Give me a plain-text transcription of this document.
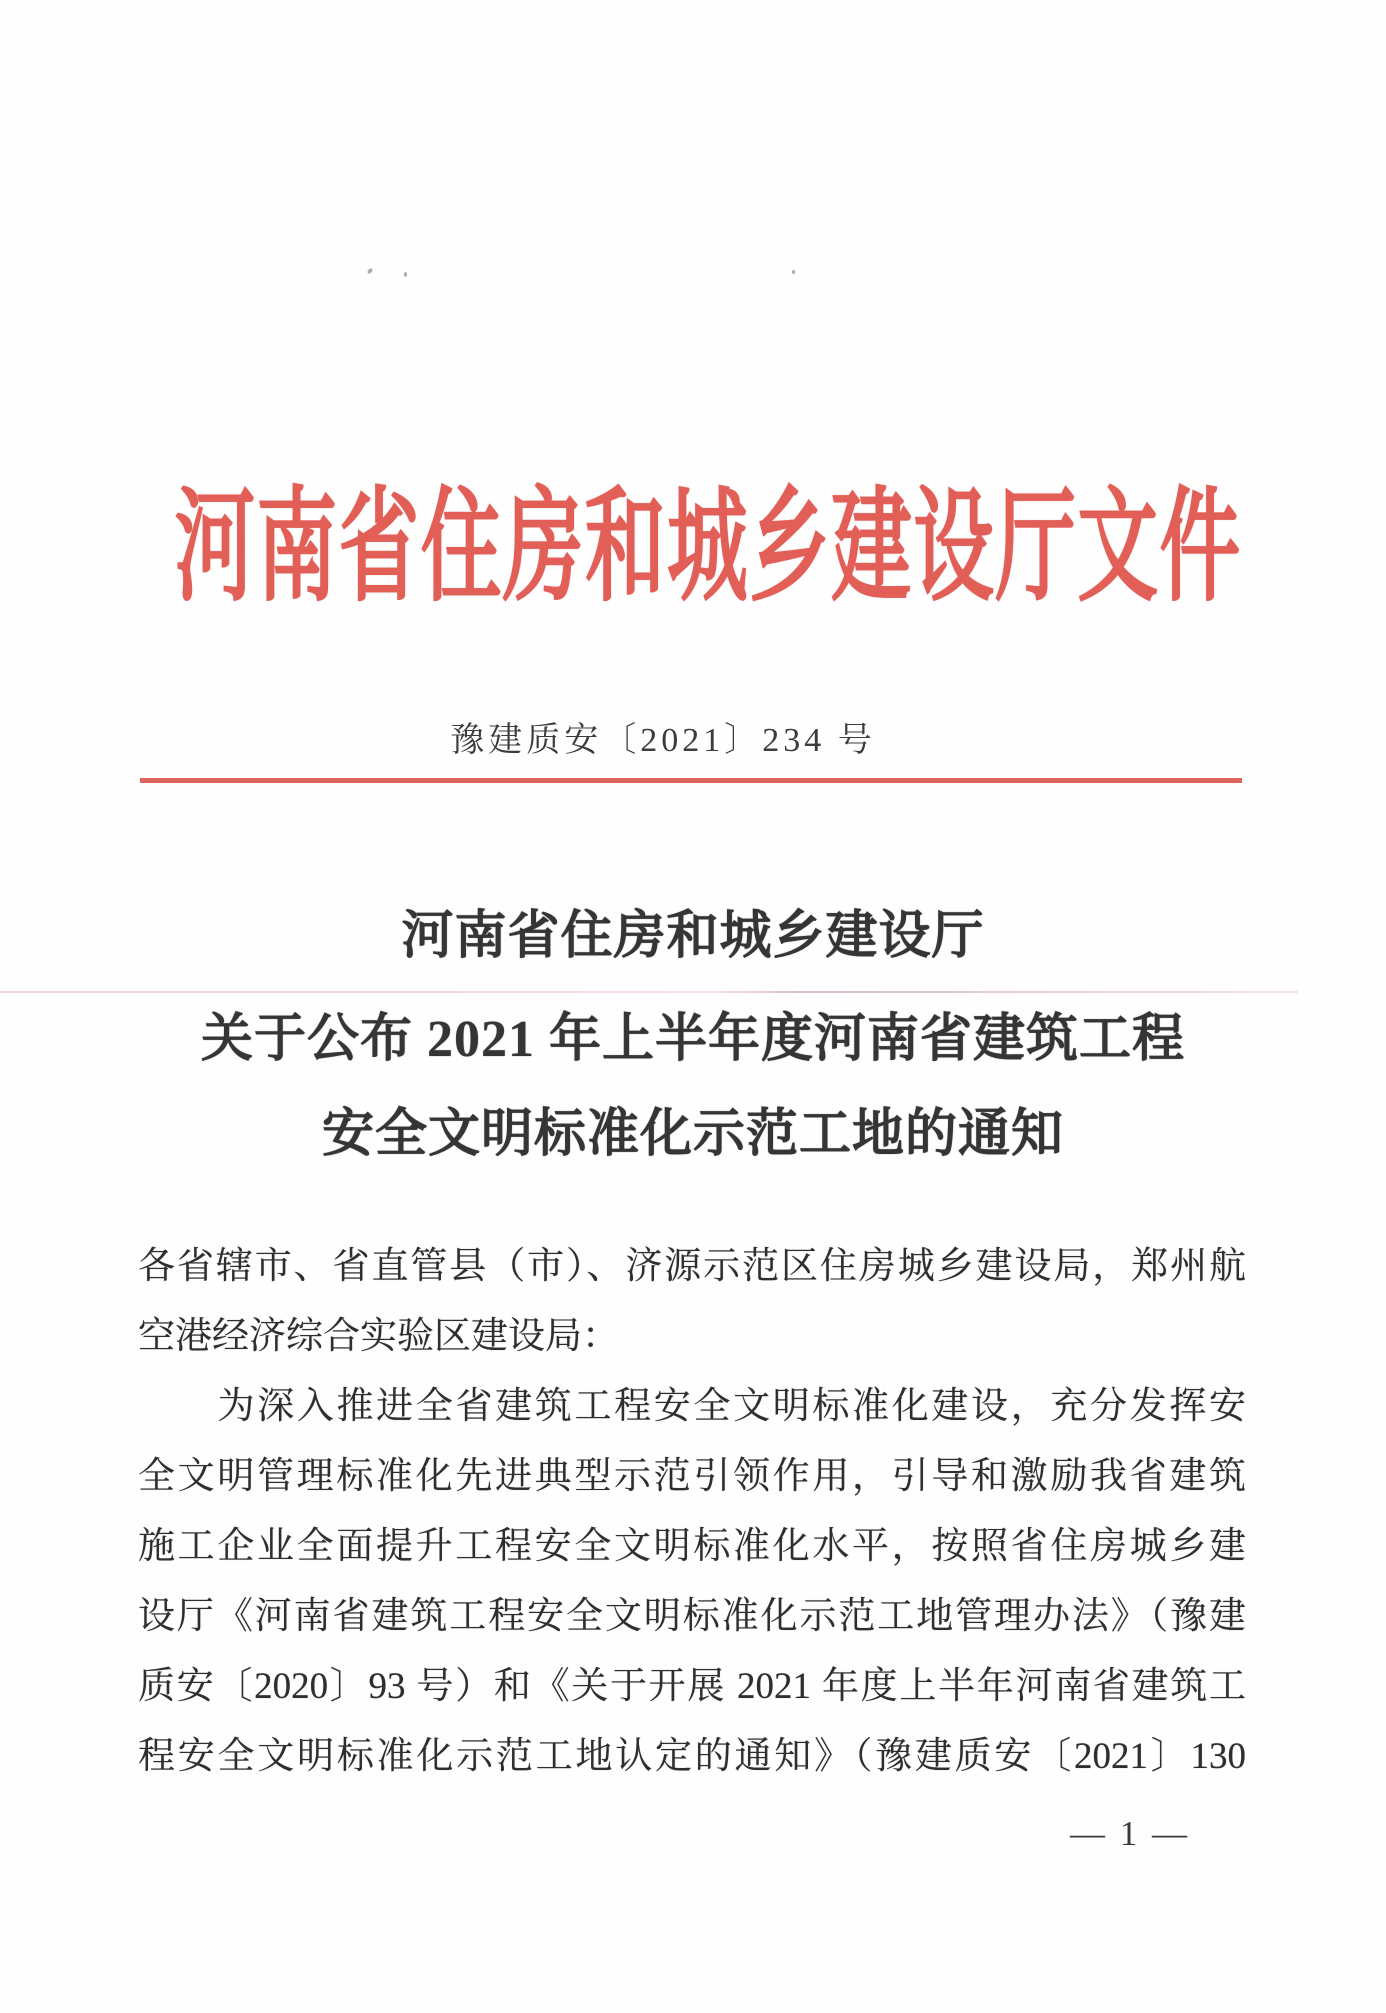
河南省住房和城乡建设厅文件
豫建质安〔2021〕234 号
河南省住房和城乡建设厅
关于公布 2021 年上半年度河南省建筑工程
安全文明标准化示范工地的通知
各省辖市、省直管县（市）、济源示范区住房城乡建设局，郑州航
空港经济综合实验区建设局：
为深入推进全省建筑工程安全文明标准化建设，充分发挥安
全文明管理标准化先进典型示范引领作用，引导和激励我省建筑
施工企业全面提升工程安全文明标准化水平，按照省住房城乡建
设厅《河南省建筑工程安全文明标准化示范工地管理办法》（豫建
质安〔2020〕93 号）和《关于开展 2021 年度上半年河南省建筑工
程安全文明标准化示范工地认定的通知》（豫建质安〔2021〕130
— 1 —
